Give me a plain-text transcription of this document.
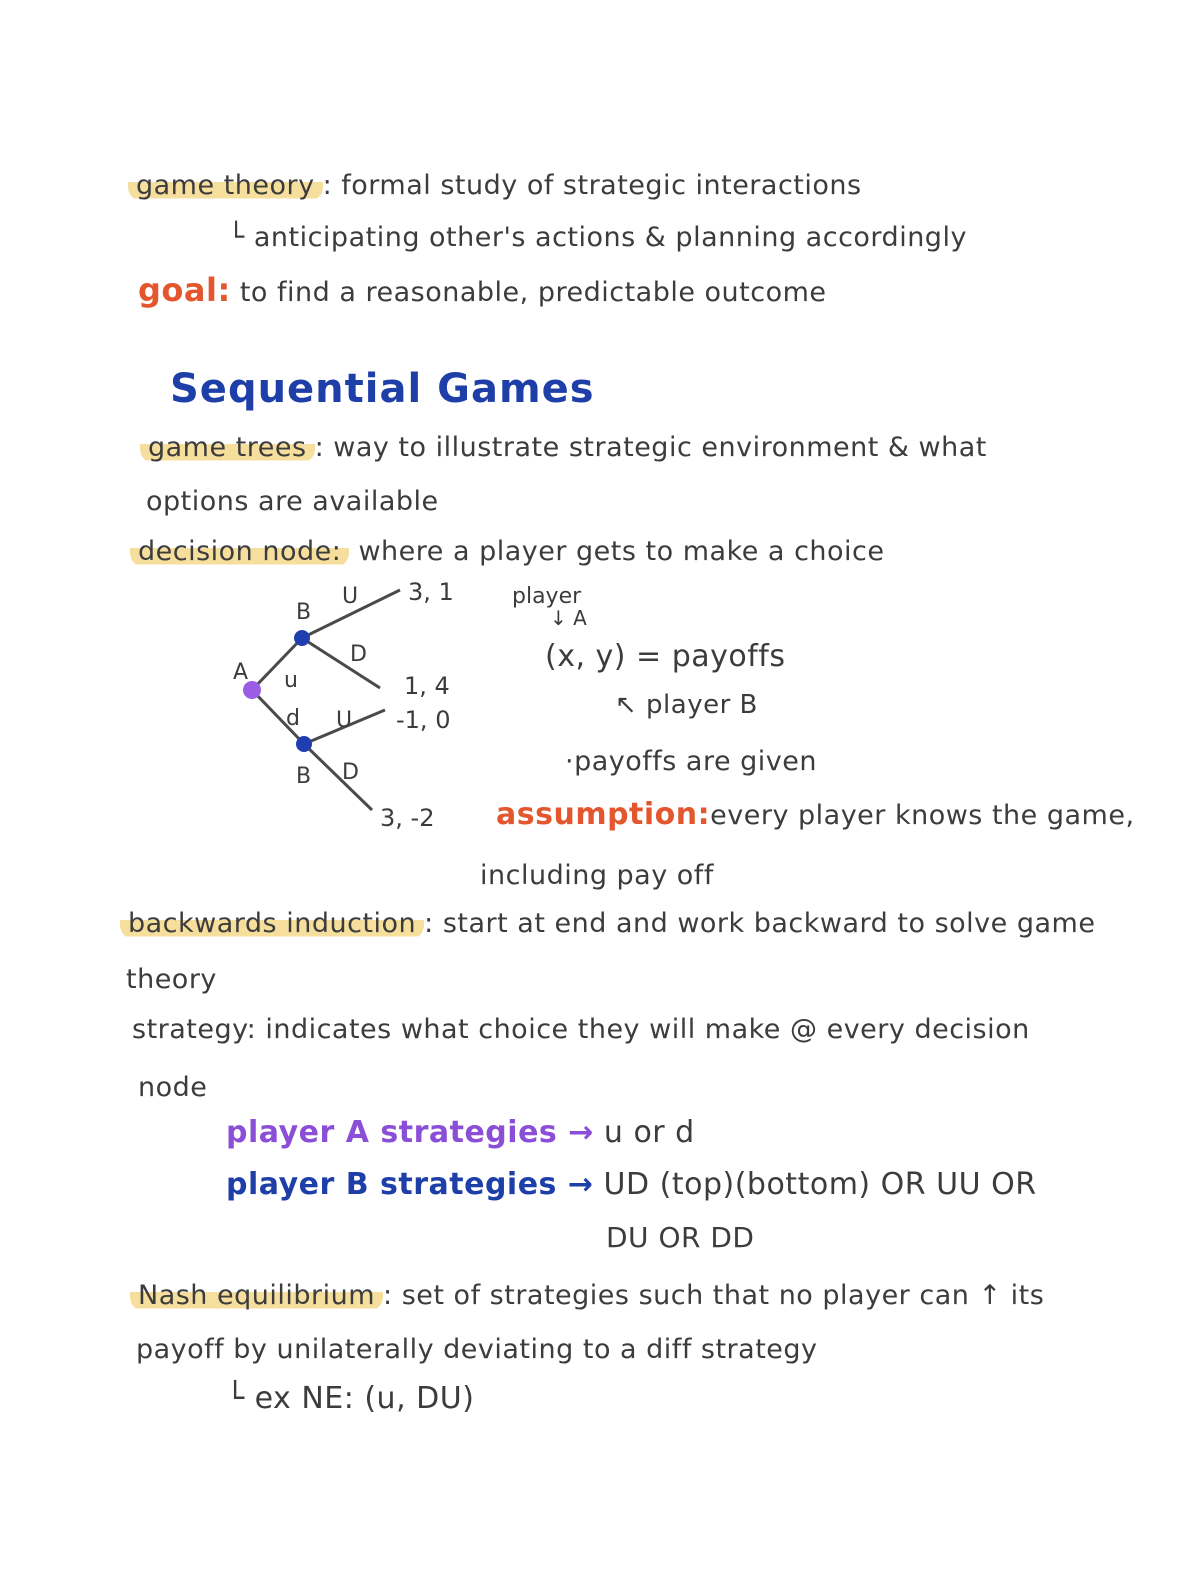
game theory : formal study of strategic interactions
└ anticipating other's actions & planning accordingly
goal: to find a reasonable, predictable outcome
Sequential Games
game trees : way to illustrate strategic environment & what
options are available
decision node: where a player gets to make a choice
A
B
B
u
d
U
D
U
D
3, 1
1, 4
-1, 0
3, -2
player
↓ A
(x, y) = payoffs
↖ player B
·payoffs are given
assumption:every player knows the game,
including pay off
backwards induction : start at end and work backward to solve game
theory
strategy: indicates what choice they will make @ every decision
node
player A strategies → u or d
player B strategies → UD (top)(bottom) OR UU OR
DU OR DD
Nash equilibrium : set of strategies such that no player can ↑ its
payoff by unilaterally deviating to a diff strategy
└ ex NE: (u, DU)
